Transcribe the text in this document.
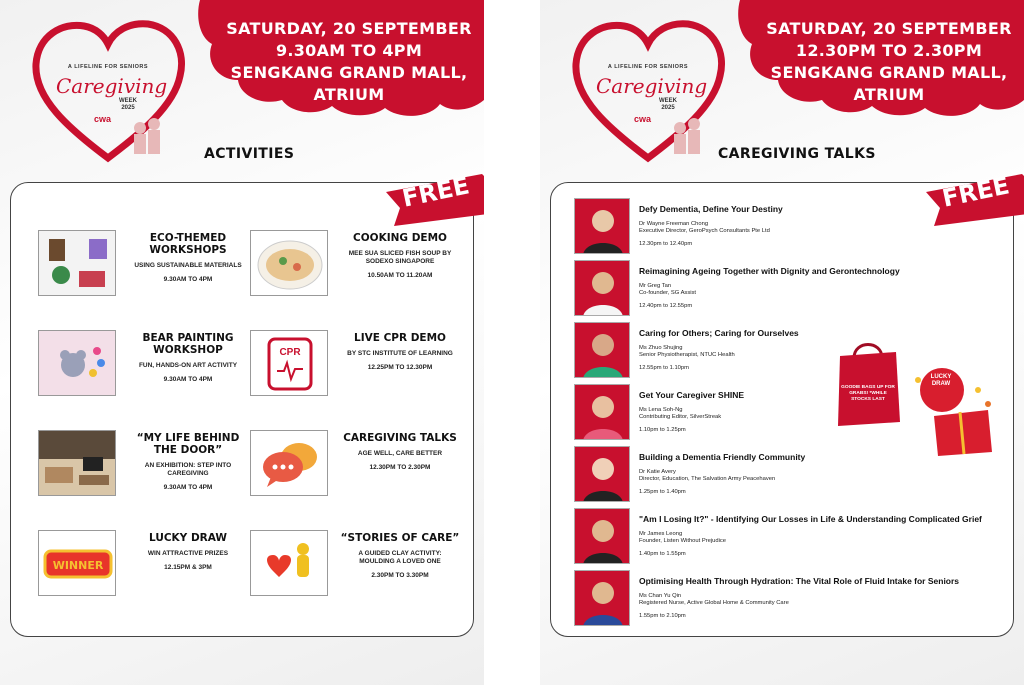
SATURDAY, 20 SEPTEMBER
9.30AM TO 4PM
SENGKANG GRAND MALL, ATRIUM
A LIFELINE FOR SENIORS
Caregiving
WEEK
2025
cwa
ACTIVITIES
FREE
ECO-THEMED WORKSHOPS
USING SUSTAINABLE MATERIALS
9.30AM TO 4PM
COOKING DEMO
MEE SUA SLICED FISH SOUP BY SODEXO SINGAPORE
10.50AM TO 11.20AM
BEAR PAINTING WORKSHOP
FUN, HANDS-ON ART ACTIVITY
9.30AM TO 4PM
CPR
LIVE CPR DEMO
BY STC INSTITUTE OF LEARNING
12.25PM TO 12.30PM
“MY LIFE BEHIND THE DOOR”
AN EXHIBITION: STEP INTO CAREGIVING
9.30AM TO 4PM
CAREGIVING TALKS
AGE WELL, CARE BETTER
12.30PM TO 2.30PM
WINNER
LUCKY DRAW
WIN ATTRACTIVE PRIZES
12.15PM & 3PM
“STORIES OF CARE”
A GUIDED CLAY ACTIVITY: MOULDING A LOVED ONE
2.30PM TO 3.30PM
SATURDAY, 20 SEPTEMBER
12.30PM TO 2.30PM
SENGKANG GRAND MALL, ATRIUM
A LIFELINE FOR SENIORS
Caregiving
WEEK
2025
cwa
CAREGIVING TALKS
FREE
Defy Dementia, Define Your Destiny
Dr Wayne Freeman Chong
Executive Director, GeroPsych Consultants Pte Ltd
12.30pm to 12.40pm
Reimagining Ageing Together with Dignity and Gerontechnology
Mr Greg Tan
Co-founder, SG Assist
12.40pm to 12.55pm
Caring for Others; Caring for Ourselves
Ms Zhuo Shujing
Senior Physiotherapist, NTUC Health
12.55pm to 1.10pm
Get Your Caregiver SHINE
Ms Lena Soh-Ng
Contributing Editor, SilverStreak
1.10pm to 1.25pm
Building a Dementia Friendly Community
Dr Katie Avery
Director, Education, The Salvation Army Peacehaven
1.25pm to 1.40pm
"Am I Losing It?" - Identifying Our Losses in Life & Understanding Complicated Grief
Mr James Leong
Founder, Listen Without Prejudice
1.40pm to 1.55pm
Optimising Health Through Hydration: The Vital Role of Fluid Intake for Seniors
Ms Chan Yu Qin
Registered Nurse, Active Global Home & Community Care
1.55pm to 2.10pm
GOODIE BAGS UP FOR GRABS! *WHILE STOCKS LAST
LUCKY DRAW
